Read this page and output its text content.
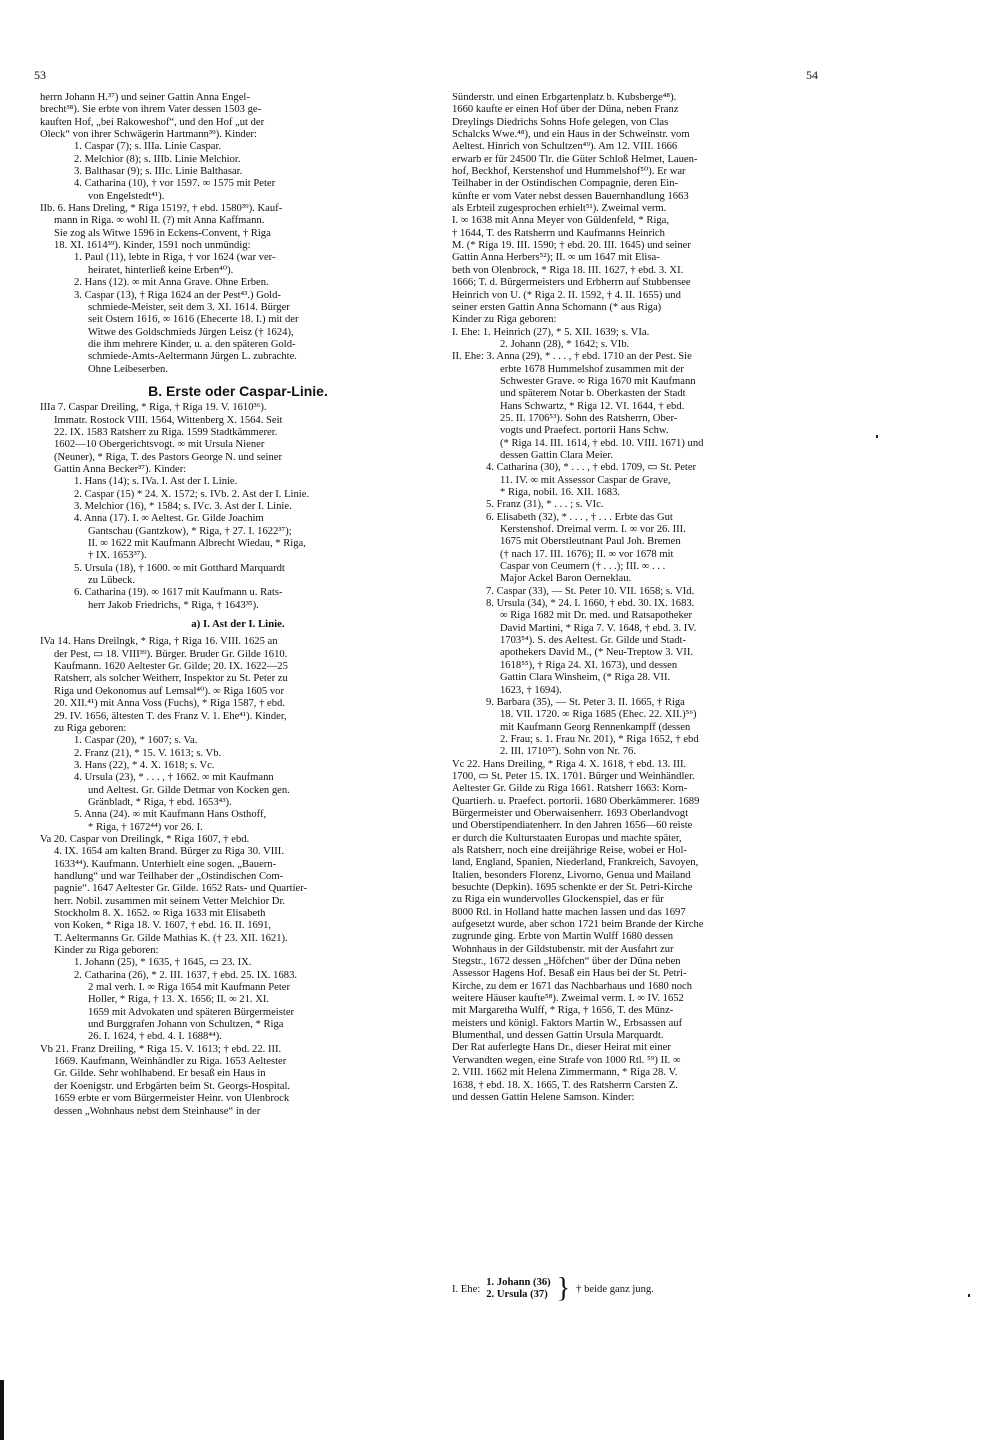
53	54
herrn Johann H.³⁷) und seiner Gattin Anna Engel-
brecht³⁸). Sie erbte von ihrem Vater dessen 1503 ge-
kauften Hof, „bei Rakoweshof“, und den Hof „ut der
Oleck“ von ihrer Schwägerin Hartmann³⁹). Kinder:
1. Caspar (7); s. IIIa. Linie Caspar.
2. Melchior (8); s. IIIb. Linie Melchior.
3. Balthasar (9); s. IIIc. Linie Balthasar.
4. Catharina (10), † vor 1597. ∞ 1575 mit Peter
von Engelstedt⁴¹).
IIb. 6. Hans Dreling, * Riga 1519?, † ebd. 1580³⁹). Kauf-
mann in Riga. ∞ wohl II. (?) mit Anna Kaffmann.
Sie zog als Witwe 1596 in Eckens-Convent, † Riga
18. XI. 1614³⁹). Kinder, 1591 noch unmündig:
1. Paul (11), lebte in Riga, † vor 1624 (war ver-
heiratet, hinterließ keine Erben⁴⁰).
2. Hans (12). ∞ mit Anna Grave. Ohne Erben.
3. Caspar (13), † Riga 1624 an der Pest⁴³.) Gold-
schmiede-Meister, seit dem 3. XI. 1614. Bürger
seit Ostern 1616, ∞ 1616 (Ehecerte 18. I.) mit der
Witwe des Goldschmieds Jürgen Leisz († 1624),
die ihm mehrere Kinder, u. a. den späteren Gold-
schmiede-Amts-Aeltermann Jürgen L. zubrachte.
Ohne Leibeserben.
B. Erste oder Caspar-Linie.
IIIa 7. Caspar Dreiling, * Riga, † Riga 19. V. 1610³⁶).
Immatr. Rostock VIII. 1564, Wittenberg X. 1564. Seit
22. IX. 1583 Ratsherr zu Riga. 1599 Stadtkämmerer.
1602—10 Obergerichtsvogt. ∞ mit Ursula Niener
(Neuner), * Riga, T. des Pastors George N. und seiner
Gattin Anna Becker³⁷). Kinder:
1. Hans (14); s. IVa. I. Ast der I. Linie.
2. Caspar (15) * 24. X. 1572; s. IVb. 2. Ast der I. Linie.
3. Melchior (16), * 1584; s. IVc. 3. Ast der I. Linie.
4. Anna (17). I. ∞ Aeltest. Gr. Gilde Joachim
Gantschau (Gantzkow), * Riga, † 27. I. 1622³⁷);
II. ∞ 1622 mit Kaufmann Albrecht Wiedau, * Riga,
† IX. 1653³⁷).
5. Ursula (18), † 1600. ∞ mit Gotthard Marquardt
zu Lübeck.
6. Catharina (19). ∞ 1617 mit Kaufmann u. Rats-
herr Jakob Friedrichs, * Riga, † 1643³⁵).
a) I. Ast der I. Linie.
IVa 14. Hans Dreilngk, * Riga, † Riga 16. VIII. 1625 an
der Pest, ▭ 18. VIII³⁹). Bürger. Bruder Gr. Gilde 1610.
Kaufmann. 1620 Aeltester Gr. Gilde; 20. IX. 1622—25
Ratsherr, als solcher Weitherr, Inspektor zu St. Peter zu
Riga und Oekonomus auf Lemsal⁴⁰). ∞ Riga 1605 vor
20. XII.⁴¹) mit Anna Voss (Fuchs), * Riga 1587, † ebd.
29. IV. 1656, ältesten T. des Franz V. 1. Ehe⁴¹). Kinder,
zu Riga geboren:
1. Caspar (20), * 1607; s. Va.
2. Franz (21), * 15. V. 1613; s. Vb.
3. Hans (22), * 4. X. 1618; s. Vc.
4. Ursula (23), * . . . , † 1662. ∞ mit Kaufmann
und Aeltest. Gr. Gilde Detmar von Kocken gen.
Gränbladt, * Riga, † ebd. 1653⁴³).
5. Anna (24). ∞ mit Kaufmann Hans Osthoff,
* Riga, † 1672⁴⁴) vor 26. I.
Va 20. Caspar von Dreilingk, * Riga 1607, † ebd.
4. IX. 1654 am kalten Brand. Bürger zu Riga 30. VIII.
1633⁴⁴). Kaufmann. Unterhielt eine sogen. „Bauern-
handlung“ und war Teilhaber der „Ostindischen Com-
pagnie“. 1647 Aeltester Gr. Gilde. 1652 Rats- und Quartier-
herr. Nobil. zusammen mit seinem Vetter Melchior Dr.
Stockholm 8. X. 1652. ∞ Riga 1633 mit Elisabeth
von Koken, * Riga 18. V. 1607, † ebd. 16. II. 1691,
T. Aeltermanns Gr. Gilde Mathias K. († 23. XII. 1621).
Kinder zu Riga geboren:
1. Johann (25), * 1635, † 1645, ▭ 23. IX.
2. Catharina (26), * 2. III. 1637, † ebd. 25. IX. 1683.
2 mal verh. I. ∞ Riga 1654 mit Kaufmann Peter
Holler, * Riga, † 13. X. 1656; II. ∞ 21. XI.
1659 mit Advokaten und späteren Bürgermeister
und Burggrafen Johann von Schultzen, * Riga
26. I. 1624, † ebd. 4. I. 1688⁴⁴).
Vb 21. Franz Dreiling, * Riga 15. V. 1613; † ebd. 22. III.
1669. Kaufmann, Weinhändler zu Riga. 1653 Aeltester
Gr. Gilde. Sehr wohlhabend. Er besaß ein Haus in
der Koenigstr. und Erbgärten beim St. Georgs-Hospital.
1659 erbte er vom Bürgermeister Heinr. von Ulenbrock
dessen „Wohnhaus nebst dem Steinhause“ in der
Sünderstr. und einen Erbgartenplatz b. Kubsberge⁴⁸).
1660 kaufte er einen Hof über der Düna, neben Franz
Dreylings Diedrichs Sohns Hofe gelegen, von Clas
Schalcks Wwe.⁴⁸), und ein Haus in der Schweinstr. vom
Aeltest. Hinrich von Schultzen⁴⁹). Am 12. VIII. 1666
erwarb er für 24500 Tlr. die Güter Schloß Helmet, Lauen-
hof, Beckhof, Kerstenshof und Hummelshof⁵⁰). Er war
Teilhaber in der Ostindischen Compagnie, deren Ein-
künfte er vom Vater nebst dessen Bauernhandlung 1663
als Erbteil zugesprochen erhielt⁵¹). Zweimal verm.
I. ∞ 1638 mit Anna Meyer von Güldenfeld, * Riga,
† 1644, T. des Ratsherrn und Kaufmanns Heinrich
M. (* Riga 19. III. 1590; † ebd. 20. III. 1645) und seiner
Gattin Anna Herbers⁵²); II. ∞ um 1647 mit Elisa-
beth von Olenbrock, * Riga 18. III. 1627, † ebd. 3. XI.
1666; T. d. Bürgermeisters und Erbherrn auf Stubbensee
Heinrich von U. (* Riga 2. II. 1592, † 4. II. 1655) und
seiner ersten Gattin Anna Schomann (* aus Riga)
Kinder zu Riga geboren:
I. Ehe: 1. Heinrich (27), * 5. XII. 1639; s. VIa.
2. Johann (28), * 1642; s. VIb.
II. Ehe: 3. Anna (29), * . . . , † ebd. 1710 an der Pest. Sie
erbte 1678 Hummelshof zusammen mit der
Schwester Grave. ∞ Riga 1670 mit Kaufmann
und späterem Notar b. Oberkasten der Stadt
Hans Schwartz, * Riga 12. VI. 1644, † ebd.
25. II. 1706⁵³). Sohn des Ratsherrn, Ober-
vogts und Praefect. portorii Hans Schw.
(* Riga 14. III. 1614, † ebd. 10. VIII. 1671) und
dessen Gattin Clara Meier.
4. Catharina (30), * . . . , † ebd. 1709, ▭ St. Peter
11. IV. ∞ mit Assessor Caspar de Grave,
* Riga, nobil. 16. XII. 1683.
5. Franz (31), * . . . ; s. VIc.
6. Elisabeth (32), * . . . , † . . . Erbte das Gut
Kerstenshof. Dreimal verm. I. ∞ vor 26. III.
1675 mit Oberstleutnant Paul Joh. Bremen
(† nach 17. III. 1676); II. ∞ vor 1678 mit
Caspar von Ceumern († . . .); III. ∞ . . .
Major Ackel Baron Oerneklau.
7. Caspar (33), — St. Peter 10. VII. 1658; s. VId.
8. Ursula (34), * 24. I. 1660, † ebd. 30. IX. 1683.
∞ Riga 1682 mit Dr. med. und Ratsapotheker
David Martini, * Riga 7. V. 1648, † ebd. 3. IV.
1703⁵⁴). S. des Aeltest. Gr. Gilde und Stadt-
apothekers David M., (* Neu-Treptow 3. VII.
1618⁵⁵), † Riga 24. XI. 1673), und dessen
Gattin Clara Winsheim, (* Riga 28. VII.
1623, † 1694).
9. Barbara (35), — St. Peter 3. II. 1665, † Riga
18. VII. 1720. ∞ Riga 1685 (Ehec. 22. XII.)⁵⁶)
mit Kaufmann Georg Rennenkampff (dessen
2. Frau; s. 1. Frau Nr. 201), * Riga 1652, † ebd
2. III. 1710⁵⁷). Sohn von Nr. 76.
Vc 22. Hans Dreiling, * Riga 4. X. 1618, † ebd. 13. III.
1700, ▭ St. Peter 15. IX. 1701. Bürger und Weinhändler.
Aeltester Gr. Gilde zu Riga 1661. Ratsherr 1663: Korn-
Quartierh. u. Praefect. portorii. 1680 Oberkämmerer. 1689
Bürgermeister und Oberwaisenherr. 1693 Oberlandvogt
und Oberstipendiatenherr. In den Jahren 1656—60 reiste
er durch die Kulturstaaten Europas und machte später,
als Ratsherr, noch eine dreijährige Reise, wobei er Hol-
land, England, Spanien, Niederland, Frankreich, Savoyen,
Italien, besonders Florenz, Livorno, Genua und Mailand
besuchte (Depkin). 1695 schenkte er der St. Petri-Kirche
zu Riga ein wundervolles Glockenspiel, das er für
8000 Rtl. in Holland hatte machen lassen und das 1697
aufgesetzt wurde, aber schon 1721 beim Brande der Kirche
zugrunde ging. Erbte von Martin Wulff 1680 dessen
Wohnhaus in der Gildstubenstr. mit der Ausfahrt zur
Stegstr., 1672 dessen „Höfchen“ über der Düna neben
Assessor Hagens Hof. Besaß ein Haus bei der St. Petri-
Kirche, zu dem er 1671 das Nachbarhaus und 1680 noch
weitere Häuser kaufte⁵⁸). Zweimal verm. I. ∞ IV. 1652
mit Margaretha Wulff, * Riga, † 1656, T. des Münz-
meisters und königl. Faktors Martin W., Erbsassen auf
Blumenthal, und dessen Gattin Ursula Marquardt.
Der Rat auferlegte Hans Dr., dieser Heirat mit einer
Verwandten wegen, eine Strafe von 1000 Rtl. ⁵⁹) II. ∞
2. VIII. 1662 mit Helena Zimmermann, * Riga 28. V.
1638, † ebd. 18. X. 1665, T. des Ratsherrn Carsten Z.
und dessen Gattin Helene Samson. Kinder:
I. Ehe:
1. Johann (36)
2. Ursula (37) } † beide ganz jung.
